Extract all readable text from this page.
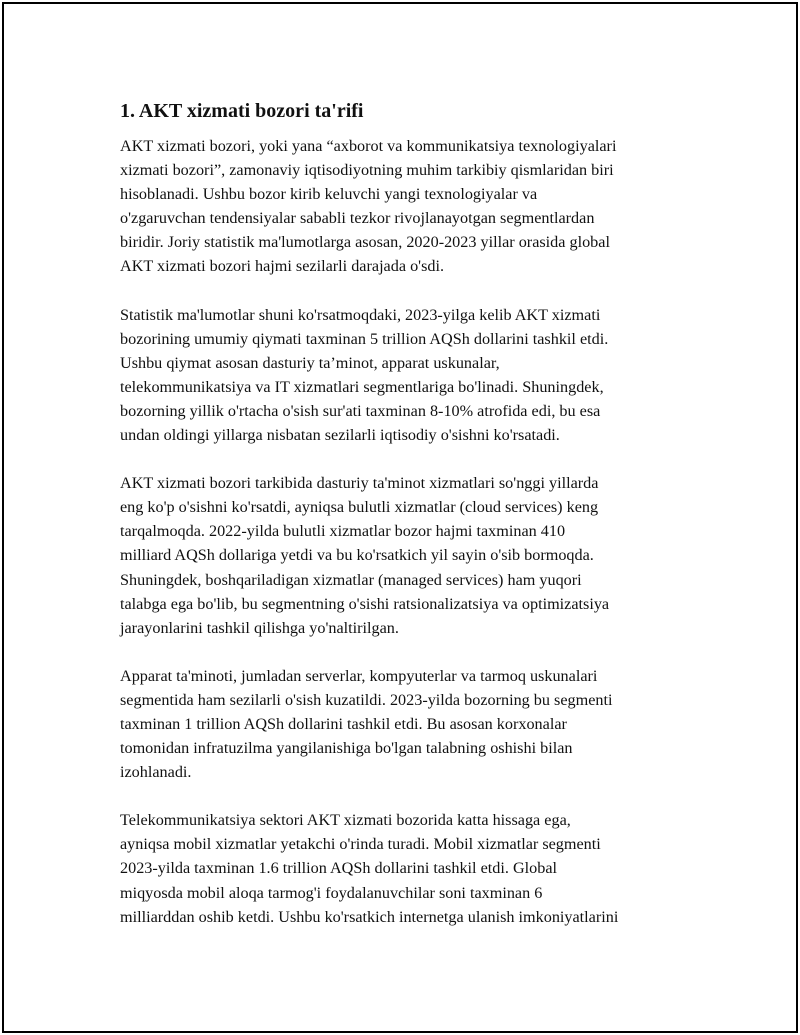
1. AKT xizmati bozori ta'rifi

AKT xizmati bozori, yoki yana “axborot va kommunikatsiya texnologiyalari
xizmati bozori”, zamonaviy iqtisodiyotning muhim tarkibiy qismlaridan biri
hisoblanadi. Ushbu bozor kirib keluvchi yangi texnologiyalar va
o'zgaruvchan tendensiyalar sababli tezkor rivojlanayotgan segmentlardan
biridir. Joriy statistik ma'lumotlarga asosan, 2020-2023 yillar orasida global
AKT xizmati bozori hajmi sezilarli darajada o'sdi.

Statistik ma'lumotlar shuni ko'rsatmoqdaki, 2023-yilga kelib AKT xizmati
bozorining umumiy qiymati taxminan 5 trillion AQSh dollarini tashkil etdi.
Ushbu qiymat asosan dasturiy ta’minot, apparat uskunalar,
telekommunikatsiya va IT xizmatlari segmentlariga bo'linadi. Shuningdek,
bozorning yillik o'rtacha o'sish sur'ati taxminan 8-10% atrofida edi, bu esa
undan oldingi yillarga nisbatan sezilarli iqtisodiy o'sishni ko'rsatadi.

AKT xizmati bozori tarkibida dasturiy ta'minot xizmatlari so'nggi yillarda
eng ko'p o'sishni ko'rsatdi, ayniqsa bulutli xizmatlar (cloud services) keng
tarqalmoqda. 2022-yilda bulutli xizmatlar bozor hajmi taxminan 410
milliard AQSh dollariga yetdi va bu ko'rsatkich yil sayin o'sib bormoqda.
Shuningdek, boshqariladigan xizmatlar (managed services) ham yuqori
talabga ega bo'lib, bu segmentning o'sishi ratsionalizatsiya va optimizatsiya
jarayonlarini tashkil qilishga yo'naltirilgan.

Apparat ta'minoti, jumladan serverlar, kompyuterlar va tarmoq uskunalari
segmentida ham sezilarli o'sish kuzatildi. 2023-yilda bozorning bu segmenti
taxminan 1 trillion AQSh dollarini tashkil etdi. Bu asosan korxonalar
tomonidan infratuzilma yangilanishiga bo'lgan talabning oshishi bilan
izohlanadi.

Telekommunikatsiya sektori AKT xizmati bozorida katta hissaga ega,
ayniqsa mobil xizmatlar yetakchi o'rinda turadi. Mobil xizmatlar segmenti
2023-yilda taxminan 1.6 trillion AQSh dollarini tashkil etdi. Global
miqyosda mobil aloqa tarmog'i foydalanuvchilar soni taxminan 6
milliarddan oshib ketdi. Ushbu ko'rsatkich internetga ulanish imkoniyatlarini
